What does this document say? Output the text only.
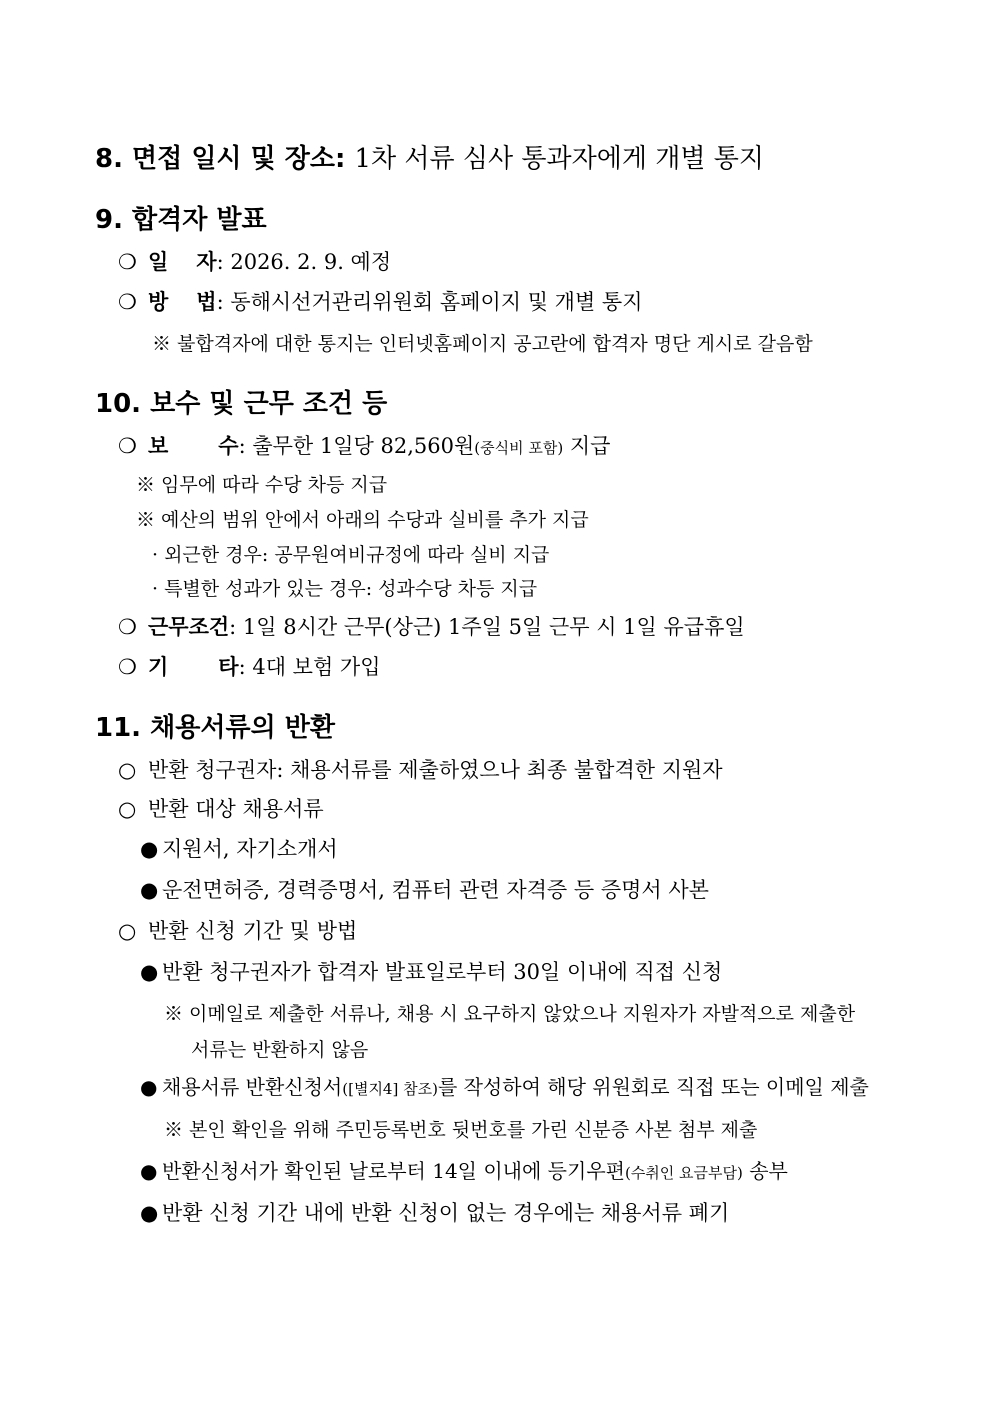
8. 면접 일시 및 장소: 1차 서류 심사 통과자에게 개별 통지
9. 합격자 발표
❍ 일 자: 2026. 2. 9. 예정
❍ 방 법: 동해시선거관리위원회 홈페이지 및 개별 통지
※ 불합격자에 대한 통지는 인터넷홈페이지 공고란에 합격자 명단 게시로 갈음함
10. 보수 및 근무 조건 등
❍ 보 수: 출무한 1일당 82,560원(중식비 포함) 지급
※ 임무에 따라 수당 차등 지급
※ 예산의 범위 안에서 아래의 수당과 실비를 추가 지급
· 외근한 경우: 공무원여비규정에 따라 실비 지급
· 특별한 성과가 있는 경우: 성과수당 차등 지급
❍ 근무조건: 1일 8시간 근무(상근) 1주일 5일 근무 시 1일 유급휴일
❍ 기 타: 4대 보험 가입
11. 채용서류의 반환
○ 반환 청구권자: 채용서류를 제출하였으나 최종 불합격한 지원자
○ 반환 대상 채용서류
● 지원서, 자기소개서
● 운전면허증, 경력증명서, 컴퓨터 관련 자격증 등 증명서 사본
○ 반환 신청 기간 및 방법
● 반환 청구권자가 합격자 발표일로부터 30일 이내에 직접 신청
※ 이메일로 제출한 서류나, 채용 시 요구하지 않았으나 지원자가 자발적으로 제출한
서류는 반환하지 않음
● 채용서류 반환신청서([별지4] 참조)를 작성하여 해당 위원회로 직접 또는 이메일 제출
※ 본인 확인을 위해 주민등록번호 뒷번호를 가린 신분증 사본 첨부 제출
● 반환신청서가 확인된 날로부터 14일 이내에 등기우편(수취인 요금부담) 송부
● 반환 신청 기간 내에 반환 신청이 없는 경우에는 채용서류 폐기
